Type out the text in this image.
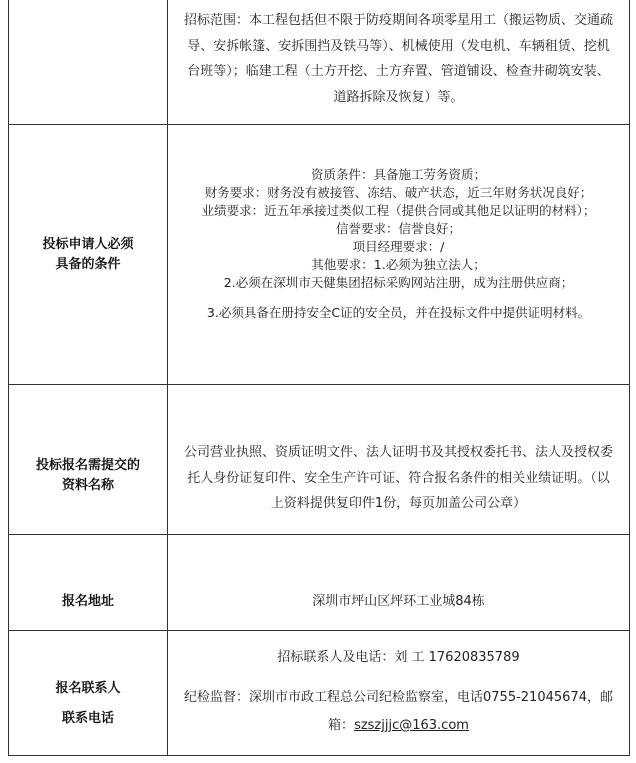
招标范围：本工程包括但不限于防疫期间各项零星用工（搬运物质、交通疏

导、安拆帐篷、安拆围挡及铁马等）、机械使用（发电机、车辆租赁、挖机

台班等）；临建工程（土方开挖、土方弃置、管道铺设、检查井砌筑安装、

道路拆除及恢复）等。

投标申请人必须
具备的条件

资质条件：具备施工劳务资质；

财务要求：财务没有被接管、冻结、破产状态，近三年财务状况良好；

业绩要求：近五年承接过类似工程（提供合同或其他足以证明的材料）；

信誉要求：信誉良好；

项目经理要求：/

其他要求：1.必须为独立法人；

2.必须在深圳市天健集团招标采购网站注册，成为注册供应商；

3.必须具备在册持安全C证的安全员，并在投标文件中提供证明材料。

投标报名需提交的
资料名称

公司营业执照、资质证明文件、法人证明书及其授权委托书、法人及授权委

托人身份证复印件、安全生产许可证、符合报名条件的相关业绩证明。（以

上资料提供复印件1份，每页加盖公司公章）

报名地址	深圳市坪山区坪环工业城84栋
报名联系人
联系电话

招标联系人及电话：刘 工 17620835789

纪检监督：深圳市市政工程总公司纪检监察室，电话0755-21045674，邮

箱：szszjjjc@163.com
